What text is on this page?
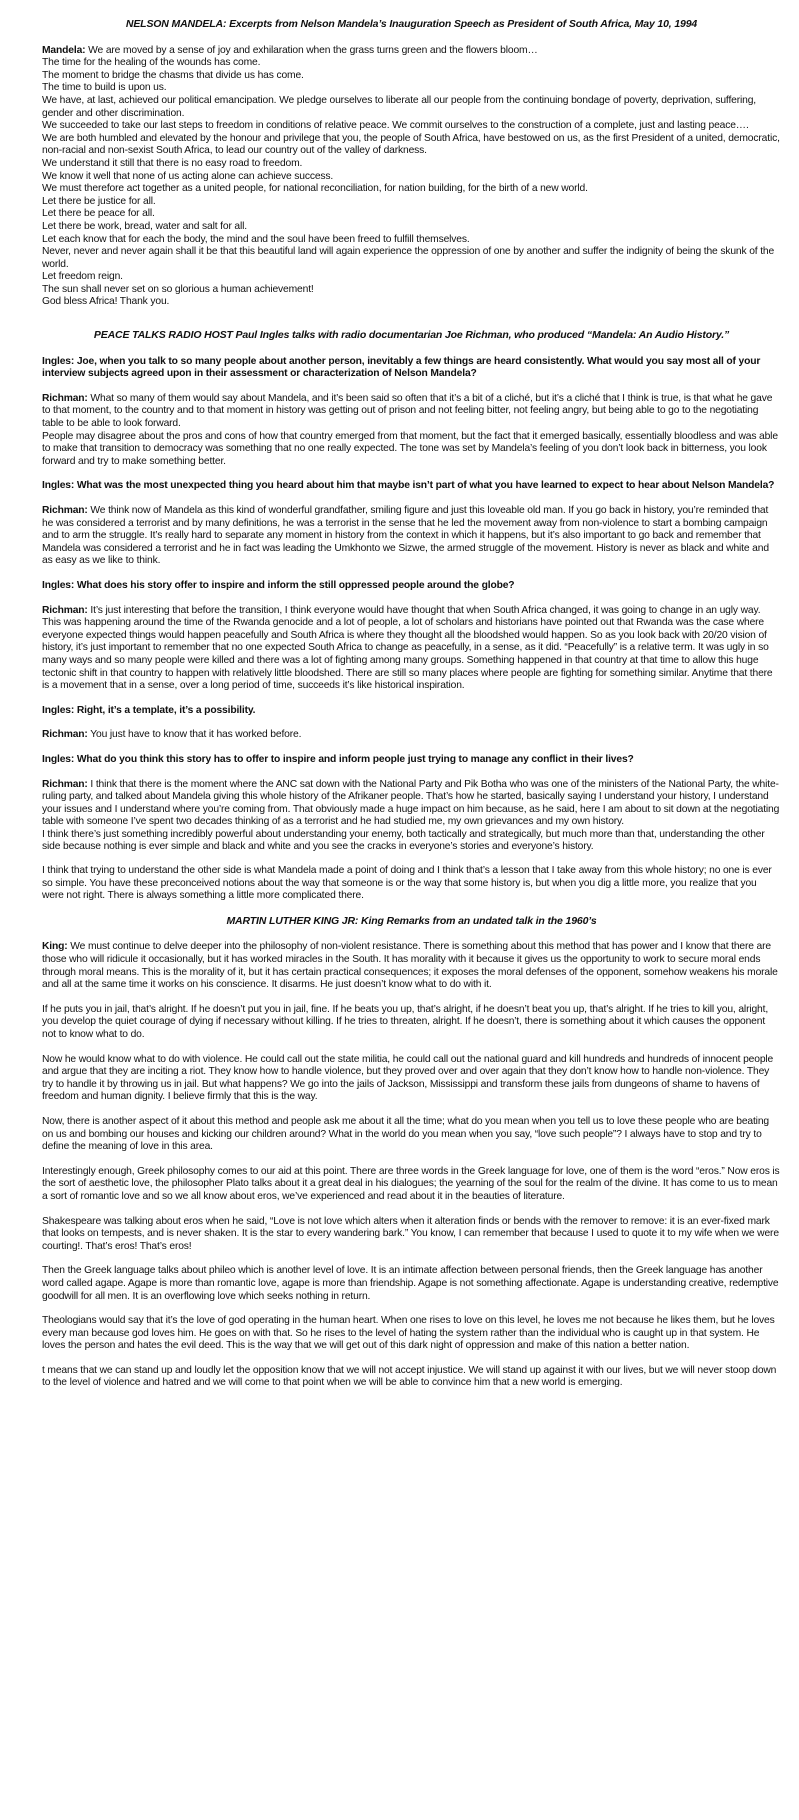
NELSON MANDELA: Excerpts from Nelson Mandela’s Inauguration Speech as President of South Africa, May 10, 1994

Mandela: We are moved by a sense of joy and exhilaration when the grass turns green and the flowers bloom…

The time for the healing of the wounds has come.

The moment to bridge the chasms that divide us has come.

The time to build is upon us.

We have, at last, achieved our political emancipation. We pledge ourselves to liberate all our people from the continuing bondage of poverty, deprivation, suffering, gender and other discrimination.

We succeeded to take our last steps to freedom in conditions of relative peace. We commit ourselves to the construction of a complete, just and lasting peace….

We are both humbled and elevated by the honour and privilege that you, the people of South Africa, have bestowed on us, as the first President of a united, democratic, non-racial and non-sexist South Africa, to lead our country out of the valley of darkness.

We understand it still that there is no easy road to freedom.

We know it well that none of us acting alone can achieve success.

We must therefore act together as a united people, for national reconciliation, for nation building, for the birth of a new world.

Let there be justice for all.

Let there be peace for all.

Let there be work, bread, water and salt for all.

Let each know that for each the body, the mind and the soul have been freed to fulfill themselves.

Never, never and never again shall it be that this beautiful land will again experience the oppression of one by another and suffer the indignity of being the skunk of the world.

Let freedom reign.

The sun shall never set on so glorious a human achievement!

God bless Africa! Thank you.

PEACE TALKS RADIO HOST Paul Ingles talks with radio documentarian Joe Richman, who produced “Mandela: An Audio History.”

Ingles: Joe, when you talk to so many people about another person, inevitably a few things are heard consistently. What would you say most all of your interview subjects agreed upon in their assessment or characterization of Nelson Mandela?

Richman: What so many of them would say about Mandela, and it’s been said so often that it’s a bit of a cliché, but it’s a cliché that I think is true, is that what he gave to that moment, to the country and to that moment in history was getting out of prison and not feeling bitter, not feeling angry, but being able to go to the negotiating table to be able to look forward.

People may disagree about the pros and cons of how that country emerged from that moment, but the fact that it emerged basically, essentially bloodless and was able to make that transition to democracy was something that no one really expected. The tone was set by Mandela’s feeling of you don’t look back in bitterness, you look forward and try to make something better.

Ingles: What was the most unexpected thing you heard about him that maybe isn’t part of what you have learned to expect to hear about Nelson Mandela?

Richman: We think now of Mandela as this kind of wonderful grandfather, smiling figure and just this loveable old man. If you go back in history, you’re reminded that he was considered a terrorist and by many definitions, he was a terrorist in the sense that he led the movement away from non-violence to start a bombing campaign and to arm the struggle. It’s really hard to separate any moment in history from the context in which it happens, but it’s also important to go back and remember that Mandela was considered a terrorist and he in fact was leading the Umkhonto we Sizwe, the armed struggle of the movement. History is never as black and white and as easy as we like to think.

Ingles: What does his story offer to inspire and inform the still oppressed people around the globe?

Richman: It’s just interesting that before the transition, I think everyone would have thought that when South Africa changed, it was going to change in an ugly way. This was happening around the time of the Rwanda genocide and a lot of people, a lot of scholars and historians have pointed out that Rwanda was the case where everyone expected things would happen peacefully and South Africa is where they thought all the bloodshed would happen. So as you look back with 20/20 vision of history, it’s just important to remember that no one expected South Africa to change as peacefully, in a sense, as it did. “Peacefully” is a relative term. It was ugly in so many ways and so many people were killed and there was a lot of fighting among many groups. Something happened in that country at that time to allow this huge tectonic shift in that country to happen with relatively little bloodshed. There are still so many places where people are fighting for something similar. Anytime that there is a movement that in a sense, over a long period of time, succeeds it’s like historical inspiration.

Ingles: Right, it’s a template, it’s a possibility.

Richman: You just have to know that it has worked before.

Ingles: What do you think this story has to offer to inspire and inform people just trying to manage any conflict in their lives?

Richman: I think that there is the moment where the ANC sat down with the National Party and Pik Botha who was one of the ministers of the National Party, the white-ruling party, and talked about Mandela giving this whole history of the Afrikaner people. That’s how he started, basically saying I understand your history, I understand your issues and I understand where you’re coming from. That obviously made a huge impact on him because, as he said, here I am about to sit down at the negotiating table with someone I’ve spent two decades thinking of as a terrorist and he had studied me, my own grievances and my own history.

I think there’s just something incredibly powerful about understanding your enemy, both tactically and strategically, but much more than that, understanding the other side because nothing is ever simple and black and white and you see the cracks in everyone’s stories and everyone’s history.

I think that trying to understand the other side is what Mandela made a point of doing and I think that’s a lesson that I take away from this whole history; no one is ever so simple. You have these preconceived notions about the way that someone is or the way that some history is, but when you dig a little more, you realize that you were not right. There is always something a little more complicated there.

MARTIN LUTHER KING JR: King Remarks from an undated talk in the 1960’s

King: We must continue to delve deeper into the philosophy of non-violent resistance. There is something about this method that has power and I know that there are those who will ridicule it occasionally, but it has worked miracles in the South. It has morality with it because it gives us the opportunity to work to secure moral ends through moral means. This is the morality of it, but it has certain practical consequences; it exposes the moral defenses of the opponent, somehow weakens his morale and all at the same time it works on his conscience. It disarms. He just doesn’t know what to do with it.

If he puts you in jail, that’s alright. If he doesn’t put you in jail, fine. If he beats you up, that’s alright, if he doesn’t beat you up, that’s alright. If he tries to kill you, alright, you develop the quiet courage of dying if necessary without killing. If he tries to threaten, alright. If he doesn’t, there is something about it which causes the opponent not to know what to do.

Now he would know what to do with violence. He could call out the state militia, he could call out the national guard and kill hundreds and hundreds of innocent people and argue that they are inciting a riot. They know how to handle violence, but they proved over and over again that they don’t know how to handle non-violence. They try to handle it by throwing us in jail. But what happens? We go into the jails of Jackson, Mississippi and transform these jails from dungeons of shame to havens of freedom and human dignity. I believe firmly that this is the way.

Now, there is another aspect of it about this method and people ask me about it all the time; what do you mean when you tell us to love these people who are beating on us and bombing our houses and kicking our children around? What in the world do you mean when you say, “love such people”? I always have to stop and try to define the meaning of love in this area.

Interestingly enough, Greek philosophy comes to our aid at this point. There are three words in the Greek language for love, one of them is the word “eros.” Now eros is the sort of aesthetic love, the philosopher Plato talks about it a great deal in his dialogues; the yearning of the soul for the realm of the divine. It has come to us to mean a sort of romantic love and so we all know about eros, we’ve experienced and read about it in the beauties of literature.

Shakespeare was talking about eros when he said, “Love is not love which alters when it alteration finds or bends with the remover to remove: it is an ever-fixed mark that looks on tempests, and is never shaken. It is the star to every wandering bark.” You know, I can remember that because I used to quote it to my wife when we were courting!. That’s eros! That’s eros!

Then the Greek language talks about phileo which is another level of love. It is an intimate affection between personal friends, then the Greek language has another word called agape. Agape is more than romantic love, agape is more than friendship. Agape is not something affectionate. Agape is understanding creative, redemptive goodwill for all men. It is an overflowing love which seeks nothing in return.

Theologians would say that it’s the love of god operating in the human heart. When one rises to love on this level, he loves me not because he likes them, but he loves every man because god loves him. He goes on with that. So he rises to the level of hating the system rather than the individual who is caught up in that system. He loves the person and hates the evil deed. This is the way that we will get out of this dark night of oppression and make of this nation a better nation.

t means that we can stand up and loudly let the opposition know that we will not accept injustice. We will stand up against it with our lives, but we will never stoop down to the level of violence and hatred and we will come to that point when we will be able to convince him that a new world is emerging.
